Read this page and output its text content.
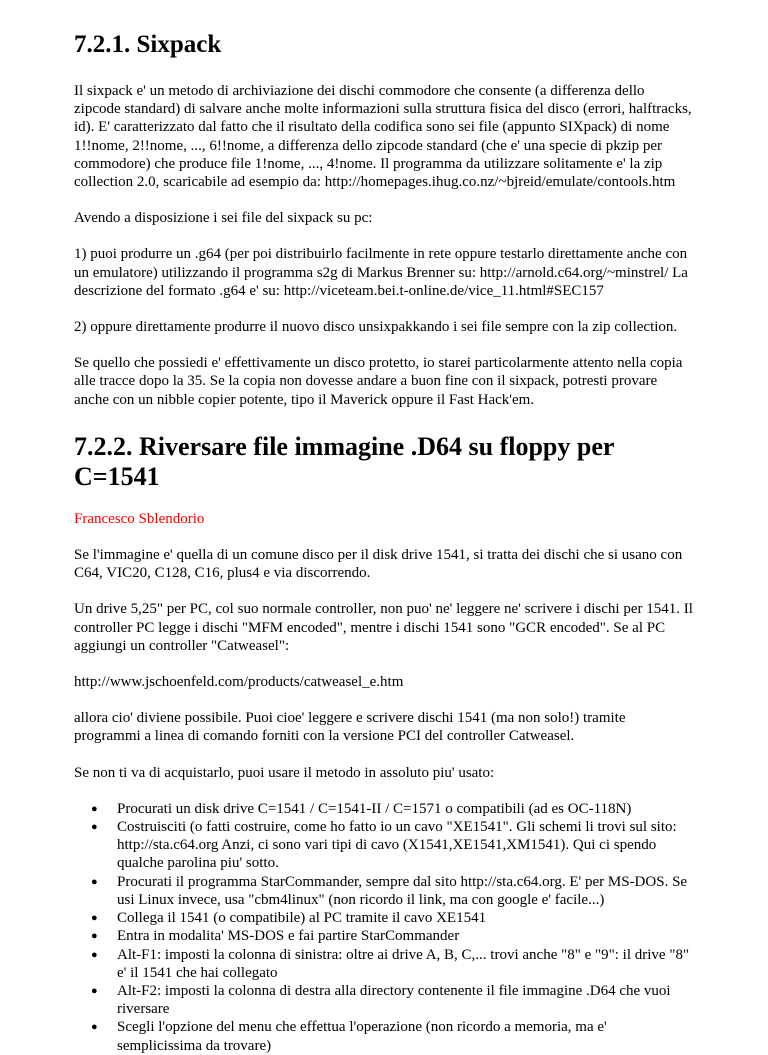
7.2.1. Sixpack

Il sixpack e' un metodo di archiviazione dei dischi commodore che consente (a differenza dello zipcode standard) di salvare anche molte informazioni sulla struttura fisica del disco (errori, halftracks, id). E' caratterizzato dal fatto che il risultato della codifica sono sei file (appunto SIXpack) di nome 1!!nome, 2!!nome, ..., 6!!nome, a differenza dello zipcode standard (che e' una specie di pkzip per commodore) che produce file 1!nome, ..., 4!nome. Il programma da utilizzare solitamente e' la zip collection 2.0, scaricabile ad esempio da: http://homepages.ihug.co.nz/~bjreid/emulate/contools.htm

Avendo a disposizione i sei file del sixpack su pc:

1) puoi produrre un .g64 (per poi distribuirlo facilmente in rete oppure testarlo direttamente anche con un emulatore) utilizzando il programma s2g di Markus Brenner su: http://arnold.c64.org/~minstrel/ La descrizione del formato .g64 e' su: http://viceteam.bei.t-online.de/vice_11.html#SEC157

2) oppure direttamente produrre il nuovo disco unsixpakkando i sei file sempre con la zip collection.

Se quello che possiedi e' effettivamente un disco protetto, io starei particolarmente attento nella copia alle tracce dopo la 35. Se la copia non dovesse andare a buon fine con il sixpack, potresti provare anche con un nibble copier potente, tipo il Maverick oppure il Fast Hack'em.

7.2.2. Riversare file immagine .D64 su floppy per C=1541

Francesco Sblendorio

Se l'immagine e' quella di un comune disco per il disk drive 1541, si tratta dei dischi che si usano con C64, VIC20, C128, C16, plus4 e via discorrendo.

Un drive 5,25" per PC, col suo normale controller, non puo' ne' leggere ne' scrivere i dischi per 1541. Il controller PC legge i dischi "MFM encoded", mentre i dischi 1541 sono "GCR encoded". Se al PC aggiungi un controller "Catweasel":

http://www.jschoenfeld.com/products/catweasel_e.htm

allora cio' diviene possibile. Puoi cioe' leggere e scrivere dischi 1541 (ma non solo!) tramite programmi a linea di comando forniti con la versione PCI del controller Catweasel.

Se non ti va di acquistarlo, puoi usare il metodo in assoluto piu' usato:

● Procurati un disk drive C=1541 / C=1541-II / C=1571 o compatibili (ad es OC-118N)
● Costruisciti (o fatti costruire, come ho fatto io un cavo "XE1541". Gli schemi li trovi sul sito: http://sta.c64.org Anzi, ci sono vari tipi di cavo (X1541,XE1541,XM1541). Qui ci spendo qualche parolina piu' sotto.
● Procurati il programma StarCommander, sempre dal sito http://sta.c64.org. E' per MS-DOS. Se usi Linux invece, usa "cbm4linux" (non ricordo il link, ma con google e' facile...)
● Collega il 1541 (o compatibile) al PC tramite il cavo XE1541
● Entra in modalita' MS-DOS e fai partire StarCommander
● Alt-F1: imposti la colonna di sinistra: oltre ai drive A, B, C,... trovi anche "8" e "9": il drive "8" e' il 1541 che hai collegato
● Alt-F2: imposti la colonna di destra alla directory contenente il file immagine .D64 che vuoi riversare
● Scegli l'opzione del menu che effettua l'operazione (non ricordo a memoria, ma e' semplicissima da trovare)
